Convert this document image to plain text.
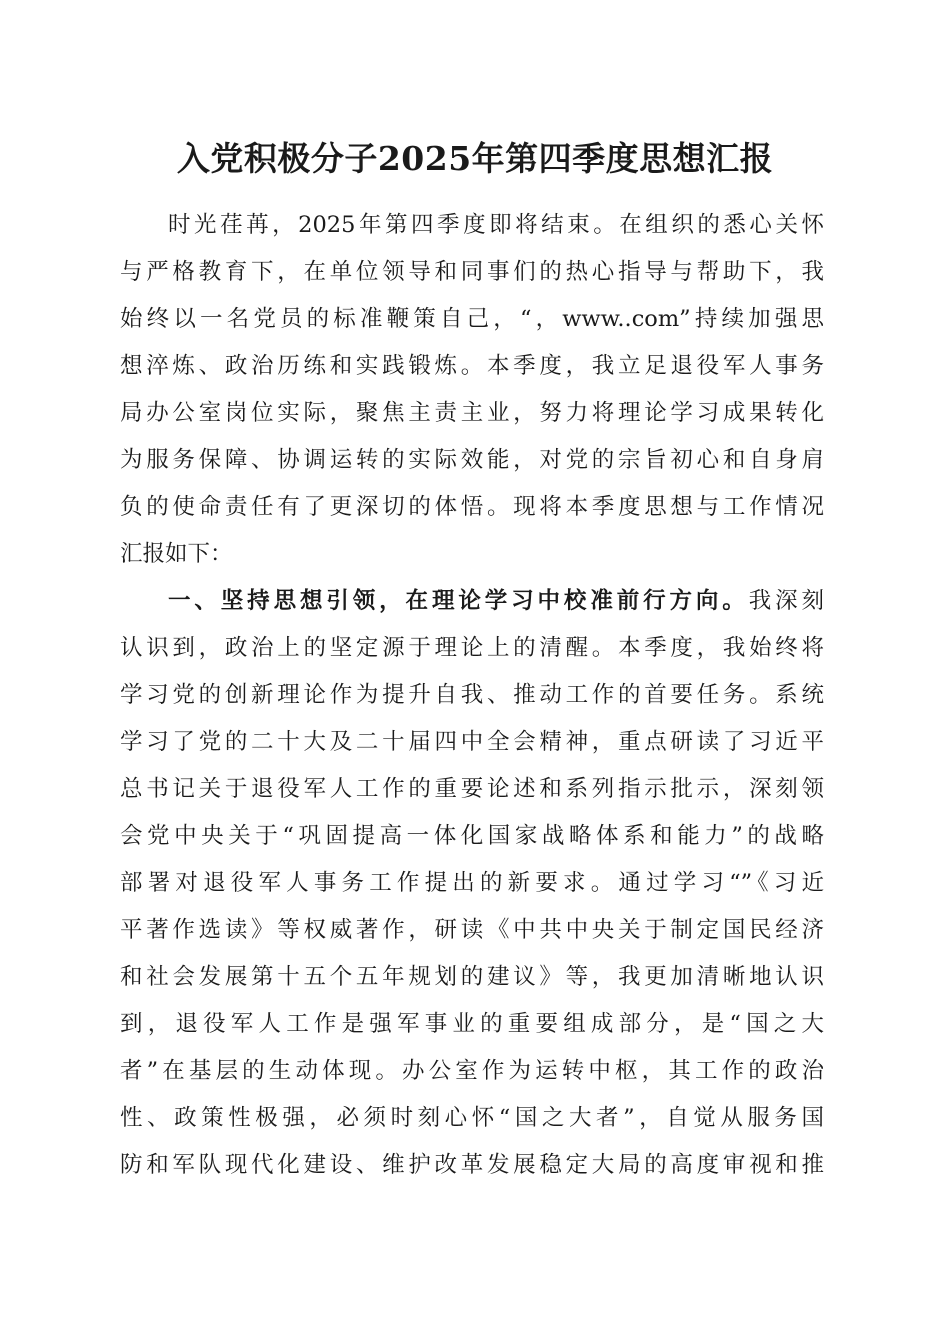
入党积极分子2025年第四季度思想汇报
时光荏苒，2025年第四季度即将结束。在组织的悉心关怀
与严格教育下，在单位领导和同事们的热心指导与帮助下，我
始终以一名党员的标准鞭策自己，“，www..com”持续加强思
想淬炼、政治历练和实践锻炼。本季度，我立足退役军人事务
局办公室岗位实际，聚焦主责主业，努力将理论学习成果转化
为服务保障、协调运转的实际效能，对党的宗旨初心和自身肩
负的使命责任有了更深切的体悟。现将本季度思想与工作情况
汇报如下：
一、坚持思想引领，在理论学习中校准前行方向。我深刻
认识到，政治上的坚定源于理论上的清醒。本季度，我始终将
学习党的创新理论作为提升自我、推动工作的首要任务。系统
学习了党的二十大及二十届四中全会精神，重点研读了习近平
总书记关于退役军人工作的重要论述和系列指示批示，深刻领
会党中央关于“巩固提高一体化国家战略体系和能力”的战略
部署对退役军人事务工作提出的新要求。通过学习“”《习近
平著作选读》等权威著作，研读《中共中央关于制定国民经济
和社会发展第十五个五年规划的建议》等，我更加清晰地认识
到，退役军人工作是强军事业的重要组成部分，是“国之大
者”在基层的生动体现。办公室作为运转中枢，其工作的政治
性、政策性极强，必须时刻心怀“国之大者”，自觉从服务国
防和军队现代化建设、维护改革发展稳定大局的高度审视和推
